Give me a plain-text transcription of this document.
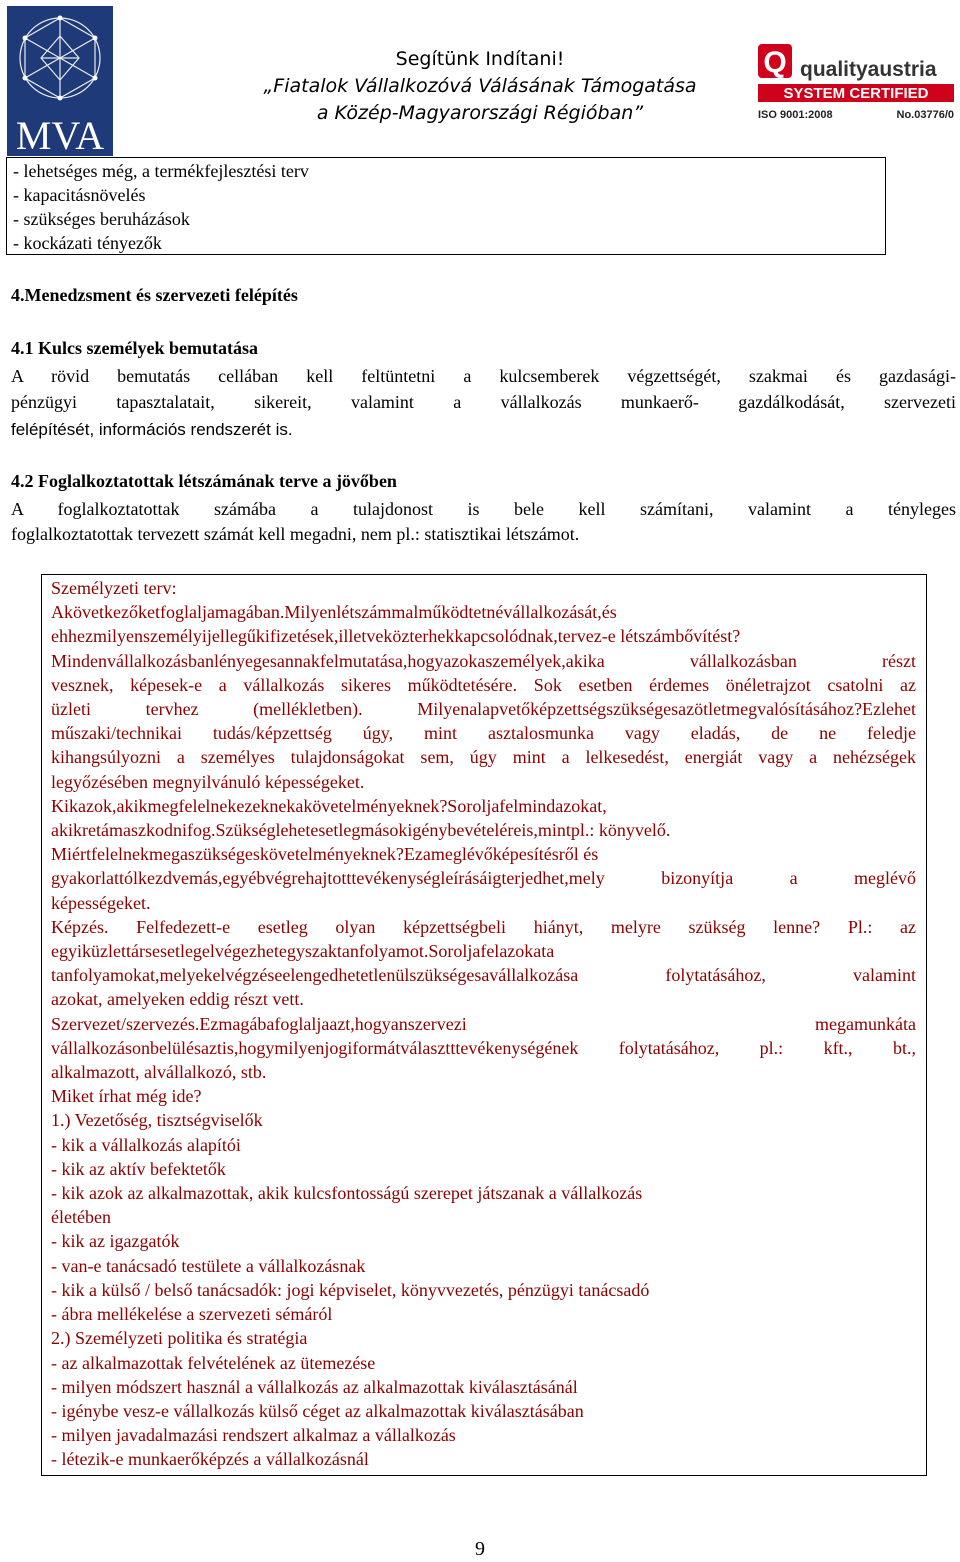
MVA
Segítünk Indítani!
„Fiatalok Vállalkozóvá Válásának Támogatása
a Közép-Magyarországi Régióban”
Q qualityaustria
SYSTEM CERTIFIED
ISO 9001:2008	No.03776/0
- lehetséges még, a termékfejlesztési terv
- kapacitásnövelés
- szükséges beruházások
- kockázati tényezők
4.Menedzsment és szervezeti felépítés
4.1 Kulcs személyek bemutatása
A rövid bemutatás cellában kell feltüntetni a kulcsemberek végzettségét, szakmai és gazdasági-
pénzügyi tapasztalatait, sikereit, valamint a vállalkozás munkaerő- gazdálkodását, szervezeti
felépítését, információs rendszerét is.
4.2 Foglalkoztatottak létszámának terve a jövőben
A foglalkoztatottak számába a tulajdonost is bele kell számítani, valamint a tényleges
foglalkoztatottak tervezett számát kell megadni, nem pl.: statisztikai létszámot.
Személyzeti terv:
Akövetkezőketfoglaljamagában.Milyenlétszámmalműködtetnévállalkozását,és
ehhezmilyenszemélyijellegűkifizetések,illetveközterhekkapcsolódnak,tervez-e létszámbővítést?
Mindenvállalkozásbanlényegesannakfelmutatása,hogyazokaszemélyek,akika vállalkozásban részt
vesznek, képesek-e a vállalkozás sikeres működtetésére. Sok esetben érdemes önéletrajzot csatolni az
üzleti tervhez (mellékletben). Milyenalapvetőképzettségszükségesazötletmegvalósításához?Ezlehet
műszaki/technikai tudás/képzettség úgy, mint asztalosmunka vagy eladás, de ne feledje
kihangsúlyozni a személyes tulajdonságokat sem, úgy mint a lelkesedést, energiát vagy a nehézségek
legyőzésében megnyilvánuló képességeket.
Kikazok,akikmegfelelnekezeknekakövetelményeknek?Soroljafelmindazokat,
akikretámaszkodnifog.Szükséglehetesetlegmásokigénybevételéreis,mintpl.: könyvelő.
Miértfelelnekmegaszükségeskövetelményeknek?Ezameglévőképesítésről és
gyakorlattólkezdvemás,egyébvégrehajtotttevékenységleírásáigterjedhet,mely bizonyítja a meglévő
képességeket.
Képzés. Felfedezett-e esetleg olyan képzettségbeli hiányt, melyre szükség lenne? Pl.: az
egyiküzlettársesetlegelvégezhetegyszaktanfolyamot.Soroljafelazokata
tanfolyamokat,melyekelvégzéseelengedhetetlenülszükségesavállalkozása folytatásához, valamint
azokat, amelyeken eddig részt vett.
Szervezet/szervezés.Ezmagábafoglaljaazt,hogyanszervezi megamunkáta
vállalkozásonbelülésaztis,hogymilyenjogiformátválasztttevékenységének folytatásához, pl.: kft., bt.,
alkalmazott, alvállalkozó, stb.
Miket írhat még ide?
1.) Vezetőség, tisztségviselők
- kik a vállalkozás alapítói
- kik az aktív befektetők
- kik azok az alkalmazottak, akik kulcsfontosságú szerepet játszanak a vállalkozás
életében
- kik az igazgatók
- van-e tanácsadó testülete a vállalkozásnak
- kik a külső / belső tanácsadók: jogi képviselet, könyvvezetés, pénzügyi tanácsadó
- ábra mellékelése a szervezeti sémáról
2.) Személyzeti politika és stratégia
- az alkalmazottak felvételének az ütemezése
- milyen módszert használ a vállalkozás az alkalmazottak kiválasztásánál
- igénybe vesz-e vállalkozás külső céget az alkalmazottak kiválasztásában
- milyen javadalmazási rendszert alkalmaz a vállalkozás
- létezik-e munkaerőképzés a vállalkozásnál
9
